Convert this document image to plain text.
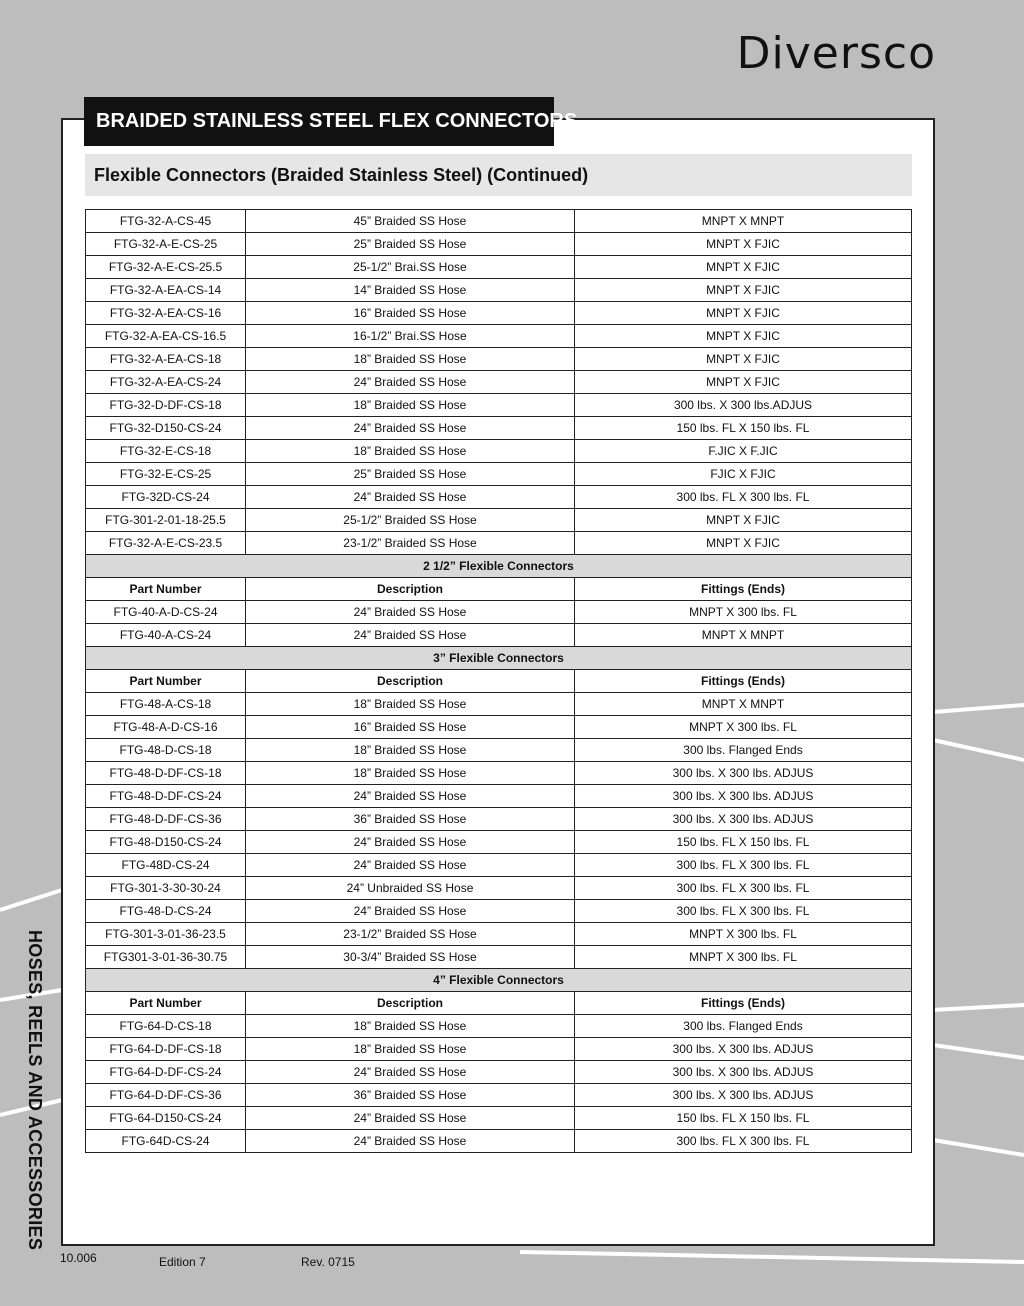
Diversco
BRAIDED STAINLESS STEEL FLEX CONNECTORS
Flexible Connectors (Braided Stainless Steel) (Continued)
FTG-32-A-CS-45	45” Braided SS Hose	MNPT X MNPT
FTG-32-A-E-CS-25	25” Braided SS Hose	MNPT X FJIC
FTG-32-A-E-CS-25.5	25-1/2” Brai.SS Hose	MNPT X FJIC
FTG-32-A-EA-CS-14	14” Braided SS Hose	MNPT X FJIC
FTG-32-A-EA-CS-16	16” Braided SS Hose	MNPT X FJIC
FTG-32-A-EA-CS-16.5	16-1/2” Brai.SS Hose	MNPT X FJIC
FTG-32-A-EA-CS-18	18” Braided SS Hose	MNPT X FJIC
FTG-32-A-EA-CS-24	24” Braided SS Hose	MNPT X FJIC
FTG-32-D-DF-CS-18	18” Braided SS Hose	300 lbs. X 300 lbs.ADJUS
FTG-32-D150-CS-24	24” Braided SS Hose	150 lbs. FL X 150 lbs. FL
FTG-32-E-CS-18	18” Braided SS Hose	F.JIC X F.JIC
FTG-32-E-CS-25	25” Braided SS Hose	FJIC X FJIC
FTG-32D-CS-24	24” Braided SS Hose	300 lbs. FL X 300 lbs. FL
FTG-301-2-01-18-25.5	25-1/2” Braided SS Hose	MNPT X FJIC
FTG-32-A-E-CS-23.5	23-1/2” Braided SS Hose	MNPT X FJIC
2 1/2” Flexible Connectors		
Part Number	Description	Fittings (Ends)
FTG-40-A-D-CS-24	24” Braided SS Hose	MNPT X 300 lbs. FL
FTG-40-A-CS-24	24” Braided SS Hose	MNPT X MNPT
3” Flexible Connectors		
Part Number	Description	Fittings (Ends)
FTG-48-A-CS-18	18” Braided SS Hose	MNPT X MNPT
FTG-48-A-D-CS-16	16” Braided SS Hose	MNPT X 300 lbs. FL
FTG-48-D-CS-18	18” Braided SS Hose	300 lbs. Flanged Ends
FTG-48-D-DF-CS-18	18” Braided SS Hose	300 lbs. X 300 lbs. ADJUS
FTG-48-D-DF-CS-24	24” Braided SS Hose	300 lbs. X 300 lbs. ADJUS
FTG-48-D-DF-CS-36	36” Braided SS Hose	300 lbs. X 300 lbs. ADJUS
FTG-48-D150-CS-24	24” Braided SS Hose	150 lbs. FL X 150 lbs. FL
FTG-48D-CS-24	24” Braided SS Hose	300 lbs. FL X 300 lbs. FL
FTG-301-3-30-30-24	24” Unbraided SS Hose	300 lbs. FL X 300 lbs. FL
FTG-48-D-CS-24	24” Braided SS Hose	300 lbs. FL X 300 lbs. FL
FTG-301-3-01-36-23.5	23-1/2” Braided SS Hose	MNPT X 300 lbs. FL
FTG301-3-01-36-30.75	30-3/4” Braided SS Hose	MNPT X 300 lbs. FL
4” Flexible Connectors		
Part Number	Description	Fittings (Ends)
FTG-64-D-CS-18	18” Braided SS Hose	300 lbs. Flanged Ends
FTG-64-D-DF-CS-18	18” Braided SS Hose	300 lbs. X 300 lbs. ADJUS
FTG-64-D-DF-CS-24	24” Braided SS Hose	300 lbs. X 300 lbs. ADJUS
FTG-64-D-DF-CS-36	36” Braided SS Hose	300 lbs. X 300 lbs. ADJUS
FTG-64-D150-CS-24	24” Braided SS Hose	150 lbs. FL X 150 lbs. FL
FTG-64D-CS-24	24” Braided SS Hose	300 lbs. FL X 300 lbs. FL
HOSES, REELS AND ACCESSORIES
10.006	Edition 7	Rev. 0715
